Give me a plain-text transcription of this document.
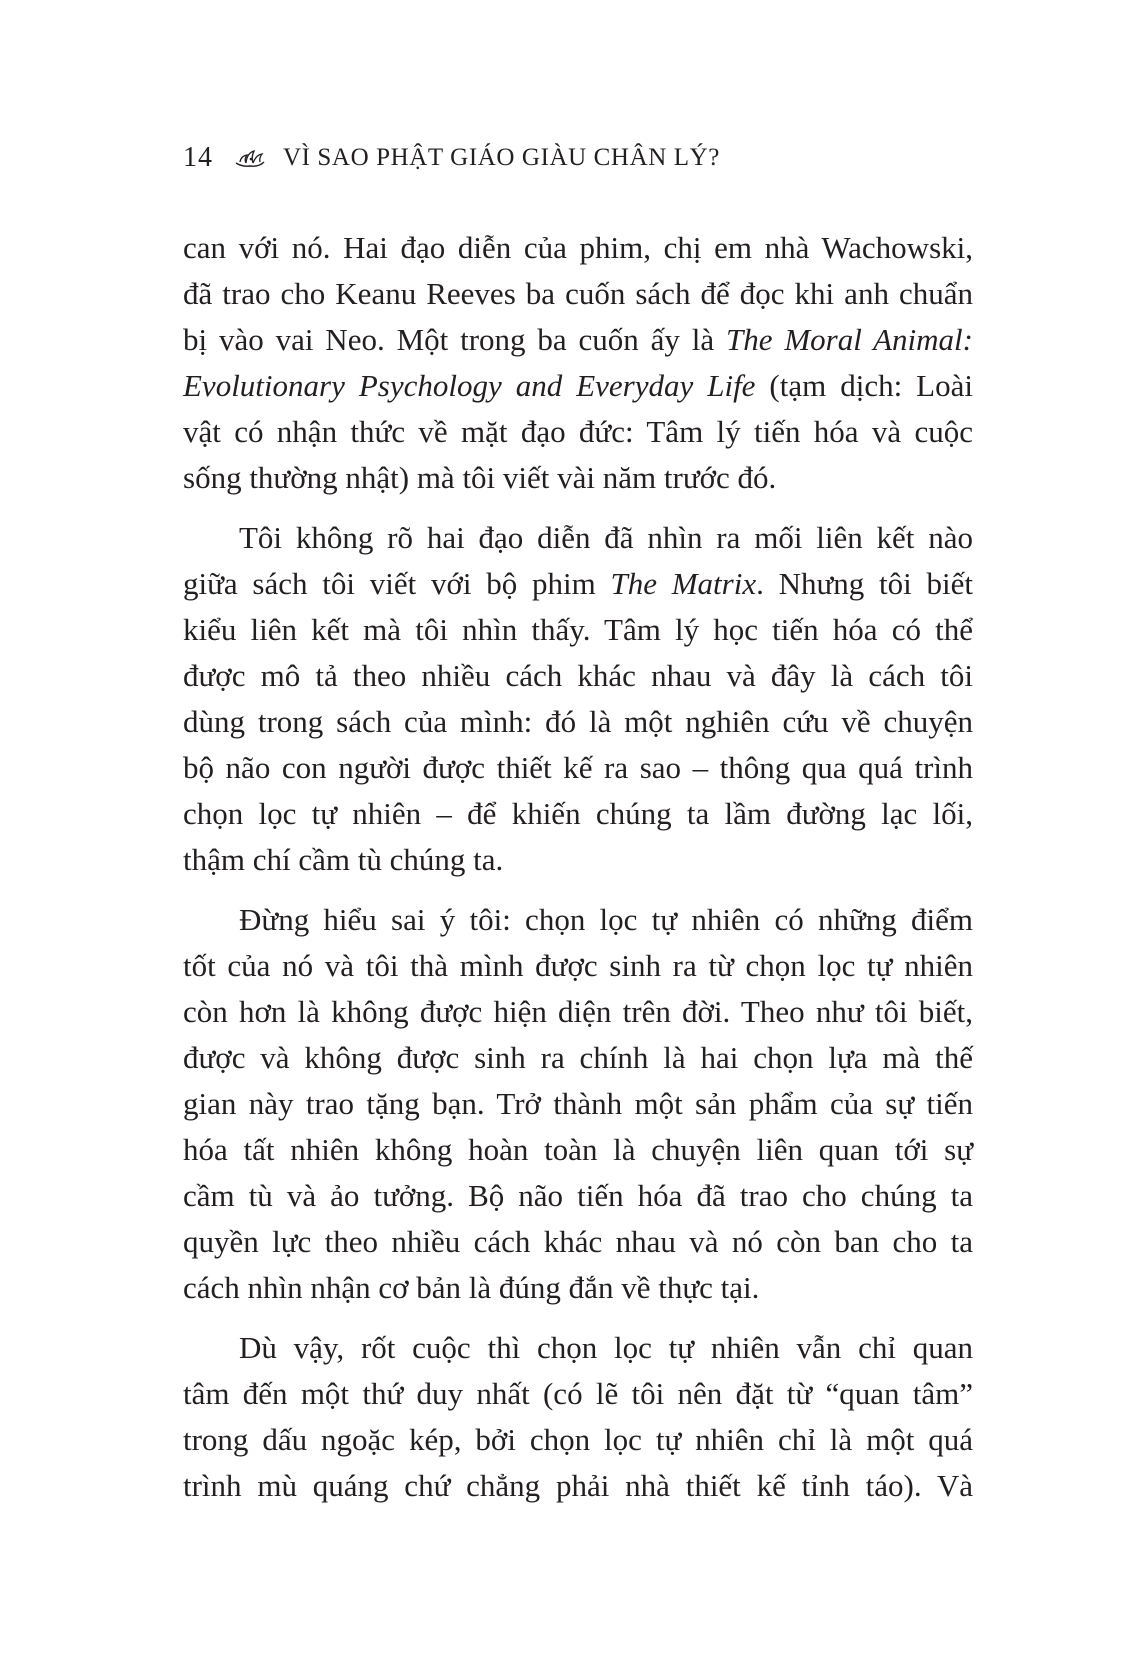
14	VÌ SAO PHẬT GIÁO GIÀU CHÂN LÝ?
can với nó. Hai đạo diễn của phim, chị em nhà Wachowski,
đã trao cho Keanu Reeves ba cuốn sách để đọc khi anh chuẩn
bị vào vai Neo. Một trong ba cuốn ấy là The Moral Animal:
Evolutionary Psychology and Everyday Life (tạm dịch: Loài
vật có nhận thức về mặt đạo đức: Tâm lý tiến hóa và cuộc
sống thường nhật) mà tôi viết vài năm trước đó.
Tôi không rõ hai đạo diễn đã nhìn ra mối liên kết nào
giữa sách tôi viết với bộ phim The Matrix. Nhưng tôi biết
kiểu liên kết mà tôi nhìn thấy. Tâm lý học tiến hóa có thể
được mô tả theo nhiều cách khác nhau và đây là cách tôi
dùng trong sách của mình: đó là một nghiên cứu về chuyện
bộ não con người được thiết kế ra sao – thông qua quá trình
chọn lọc tự nhiên – để khiến chúng ta lầm đường lạc lối,
thậm chí cầm tù chúng ta.
Đừng hiểu sai ý tôi: chọn lọc tự nhiên có những điểm
tốt của nó và tôi thà mình được sinh ra từ chọn lọc tự nhiên
còn hơn là không được hiện diện trên đời. Theo như tôi biết,
được và không được sinh ra chính là hai chọn lựa mà thế
gian này trao tặng bạn. Trở thành một sản phẩm của sự tiến
hóa tất nhiên không hoàn toàn là chuyện liên quan tới sự
cầm tù và ảo tưởng. Bộ não tiến hóa đã trao cho chúng ta
quyền lực theo nhiều cách khác nhau và nó còn ban cho ta
cách nhìn nhận cơ bản là đúng đắn về thực tại.
Dù vậy, rốt cuộc thì chọn lọc tự nhiên vẫn chỉ quan
tâm đến một thứ duy nhất (có lẽ tôi nên đặt từ “quan tâm”
trong dấu ngoặc kép, bởi chọn lọc tự nhiên chỉ là một quá
trình mù quáng chứ chẳng phải nhà thiết kế tỉnh táo). Và
